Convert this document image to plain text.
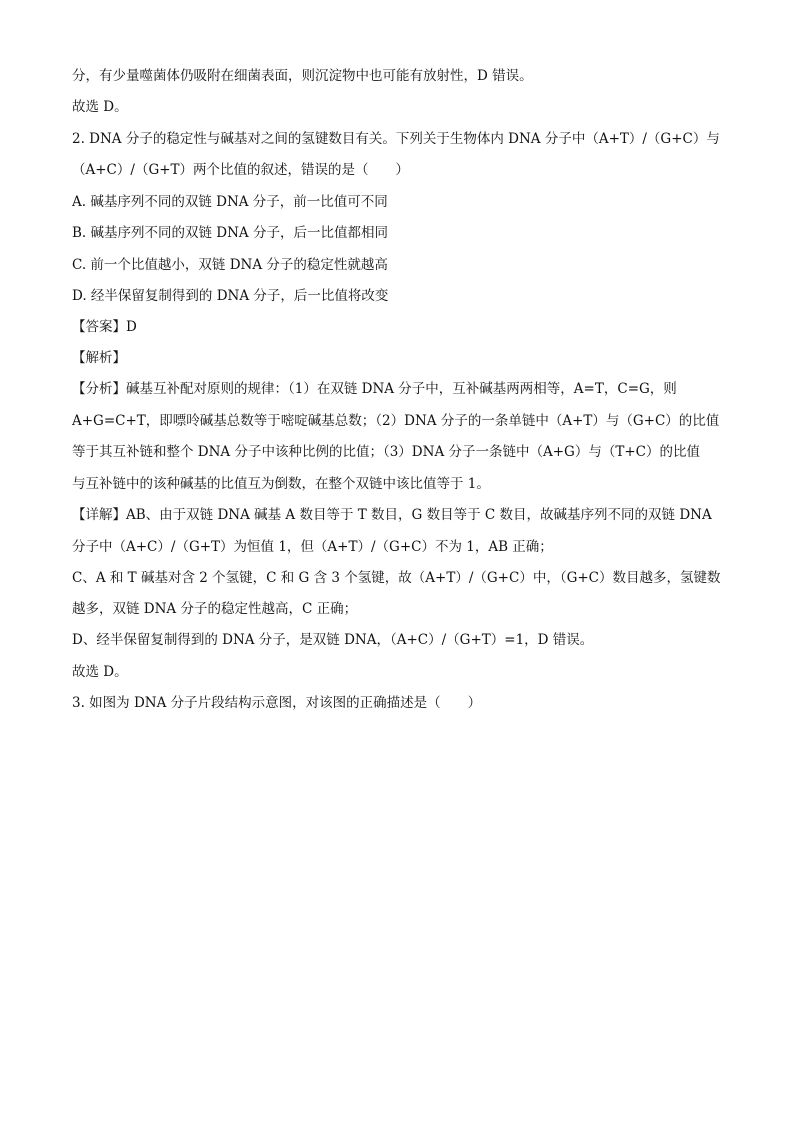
分，有少量噬菌体仍吸附在细菌表面，则沉淀物中也可能有放射性，D 错误。
故选 D。
2. DNA 分子的稳定性与碱基对之间的氢键数目有关。下列关于生物体内 DNA 分子中（A+T）/（G+C）与
（A+C）/（G+T）两个比值的叙述，错误的是（　　）
A. 碱基序列不同的双链 DNA 分子，前一比值可不同
B. 碱基序列不同的双链 DNA 分子，后一比值都相同
C. 前一个比值越小，双链 DNA 分子的稳定性就越高
D. 经半保留复制得到的 DNA 分子，后一比值将改变
【答案】D
【解析】
【分析】碱基互补配对原则的规律：（1）在双链 DNA 分子中，互补碱基两两相等，A=T，C=G，则
A+G=C+T，即嘌呤碱基总数等于嘧啶碱基总数；（2）DNA 分子的一条单链中（A+T）与（G+C）的比值
等于其互补链和整个 DNA 分子中该种比例的比值；（3）DNA 分子一条链中（A+G）与（T+C）的比值
与互补链中的该种碱基的比值互为倒数，在整个双链中该比值等于 1。
【详解】AB、由于双链 DNA 碱基 A 数目等于 T 数目，G 数目等于 C 数目，故碱基序列不同的双链 DNA
分子中（A+C）/（G+T）为恒值 1，但（A+T）/（G+C）不为 1，AB 正确；
C、A 和 T 碱基对含 2 个氢键，C 和 G 含 3 个氢键，故（A+T）/（G+C）中，（G+C）数目越多，氢键数
越多，双链 DNA 分子的稳定性越高，C 正确；
D、经半保留复制得到的 DNA 分子，是双链 DNA，（A+C）/（G+T）=1，D 错误。
故选 D。
3. 如图为 DNA 分子片段结构示意图，对该图的正确描述是（　　）
